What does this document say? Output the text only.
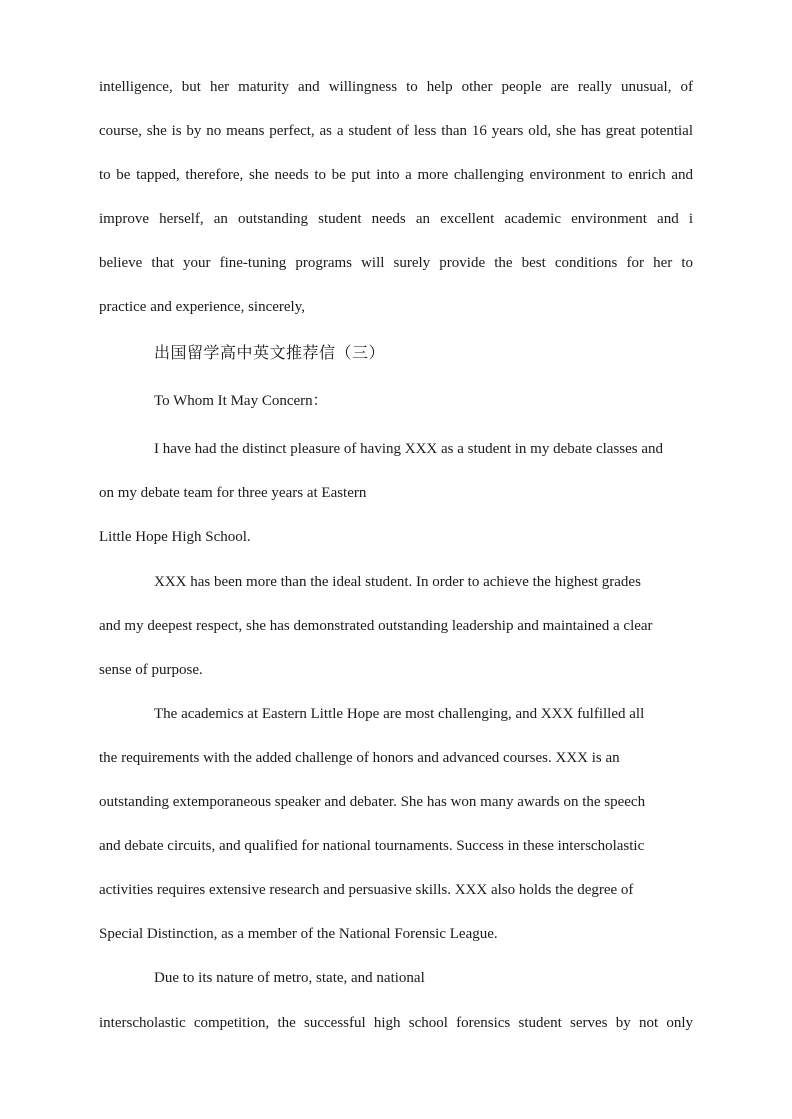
intelligence, but her maturity and willingness to help other people are really unusual, of

course, she is by no means perfect, as a student of less than 16 years old, she has great potential

to be tapped, therefore, she needs to be put into a more challenging environment to enrich and

improve herself, an outstanding student needs an excellent academic environment and i

believe that your fine-tuning programs will surely provide the best conditions for her to

practice and experience, sincerely,

出国留学高中英文推荐信（三）

To Whom It May Concern：

I have had the distinct pleasure of having XXX as a student in my debate classes and

on my debate team for three years at Eastern

Little Hope High School.

XXX has been more than the ideal student. In order to achieve the highest grades

and my deepest respect, she has demonstrated outstanding leadership and maintained a clear

sense of purpose.

The academics at Eastern Little Hope are most challenging, and XXX fulfilled all

the requirements with the added challenge of honors and advanced courses. XXX is an

outstanding extemporaneous speaker and debater. She has won many awards on the speech

and debate circuits, and qualified for national tournaments. Success in these interscholastic

activities requires extensive research and persuasive skills. XXX also holds the degree of

Special Distinction, as a member of the National Forensic League.

Due to its nature of metro, state, and national

interscholastic competition, the successful high school forensics student serves by not only
